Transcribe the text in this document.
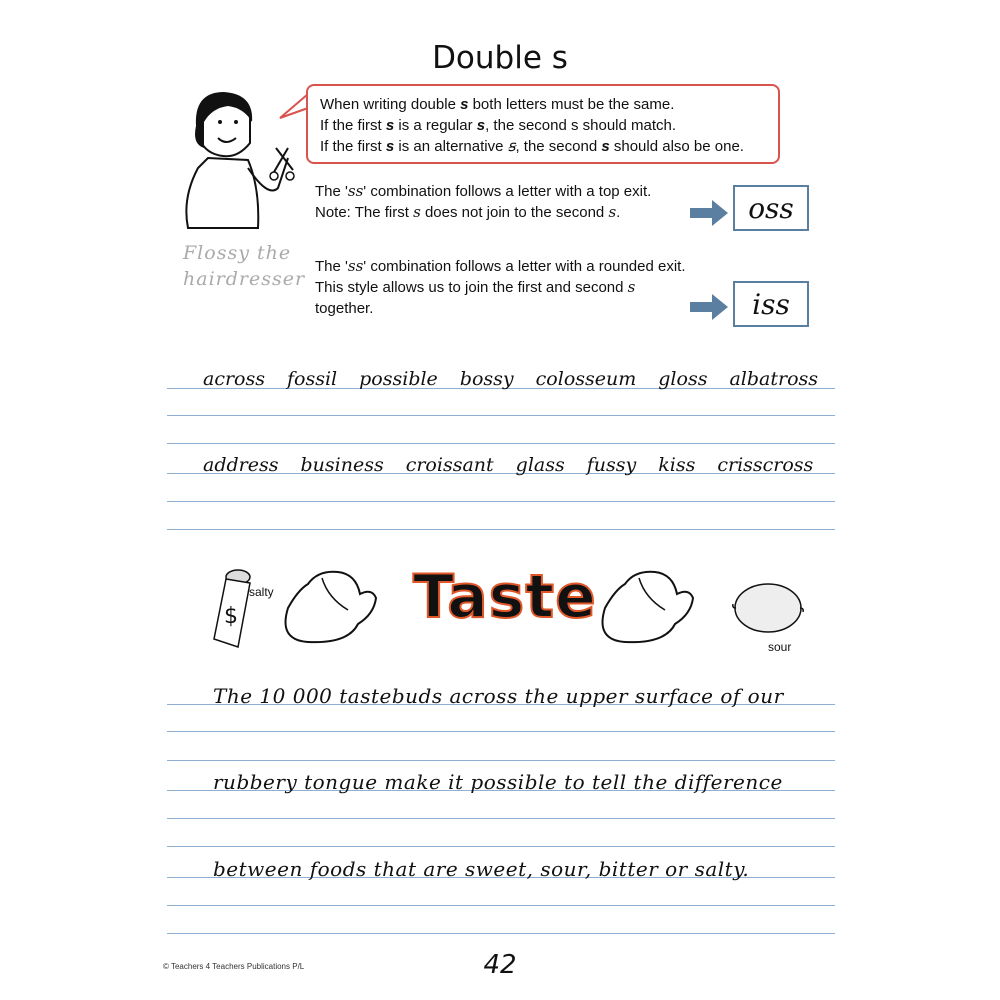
Double s
When writing double s both letters must be the same.
If the first s is a regular s, the second s should match.
If the first s is an alternative ꞩ, the second s should also be one.
Flossy the
hairdresser
The 'ss' combination follows a letter with a top exit.
Note: The first s does not join to the second s.
The 'ss' combination follows a letter with a rounded exit.
This style allows us to join the first and second s
together.
oss
iss
across fossil possible bossy colosseum gloss albatross
address business croissant glass fussy kiss crisscross
$
salty Taste
sour
The 10 000 tastebuds across the upper surface of our
rubbery tongue make it possible to tell the difference
between foods that are sweet, sour, bitter or salty.
42
© Teachers 4 Teachers Publications P/L
